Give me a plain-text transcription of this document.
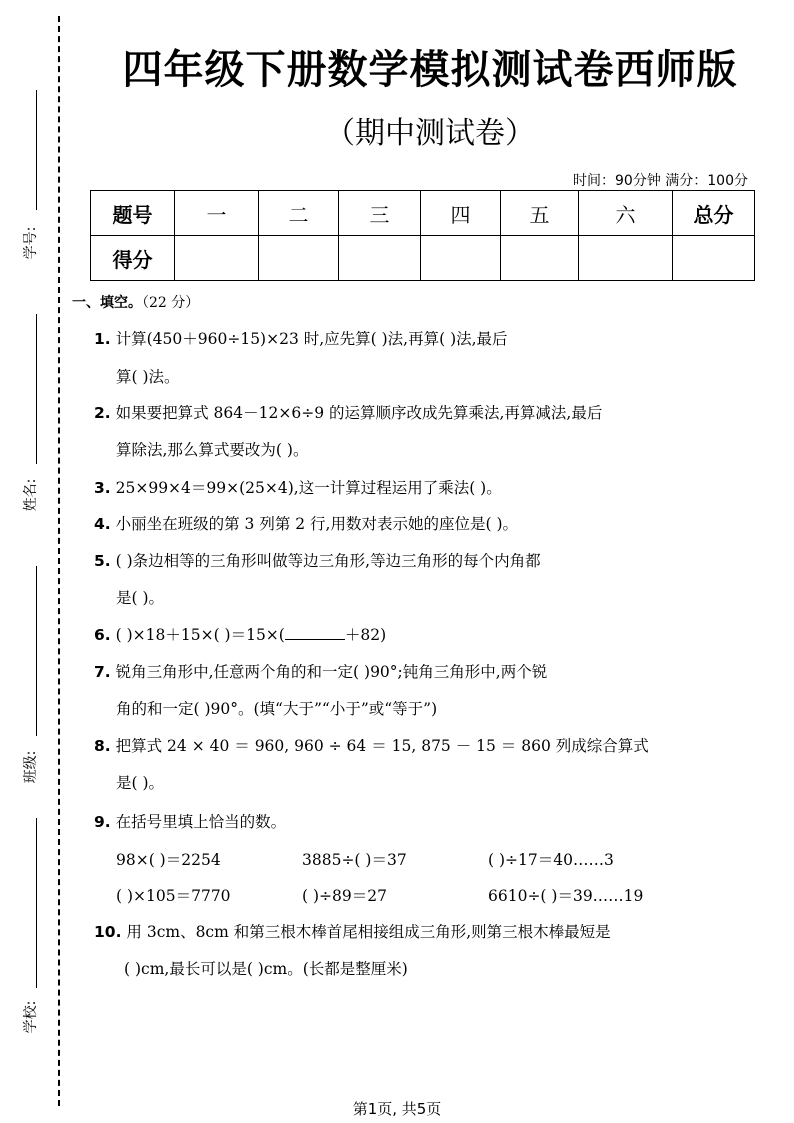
学号:
姓名:
班级:
学校:
四年级下册数学模拟测试卷西师版
（期中测试卷）
时间：90分钟 满分：100分
题号	一	二	三	四	五	六	总分
得分							
一、填空。（22 分）
1. 计算(450＋960÷15)×23 时,应先算( )法,再算( )法,最后
算( )法。
2. 如果要把算式 864－12×6÷9 的运算顺序改成先算乘法,再算减法,最后
算除法,那么算式要改为( )。
3. 25×99×4＝99×(25×4),这一计算过程运用了乘法( )。
4. 小丽坐在班级的第 3 列第 2 行,用数对表示她的座位是( )。
5. ( )条边相等的三角形叫做等边三角形,等边三角形的每个内角都
是( )。
6. ( )×18＋15×( )＝15×(	＋82)
7. 锐角三角形中,任意两个角的和一定( )90°;钝角三角形中,两个锐
角的和一定( )90°。(填“大于”“小于”或“等于”)
8. 把算式 24 × 40 ＝ 960, 960 ÷ 64 ＝ 15, 875 － 15 ＝ 860 列成综合算式
是( )。
9. 在括号里填上恰当的数。
98×( )＝2254	3885÷( )＝37	( )÷17＝40……3
( )×105＝7770	( )÷89＝27	6610÷( )＝39……19
10. 用 3cm、8cm 和第三根木棒首尾相接组成三角形,则第三根木棒最短是
( )cm,最长可以是( )cm。(长都是整厘米)
第1页, 共5页
